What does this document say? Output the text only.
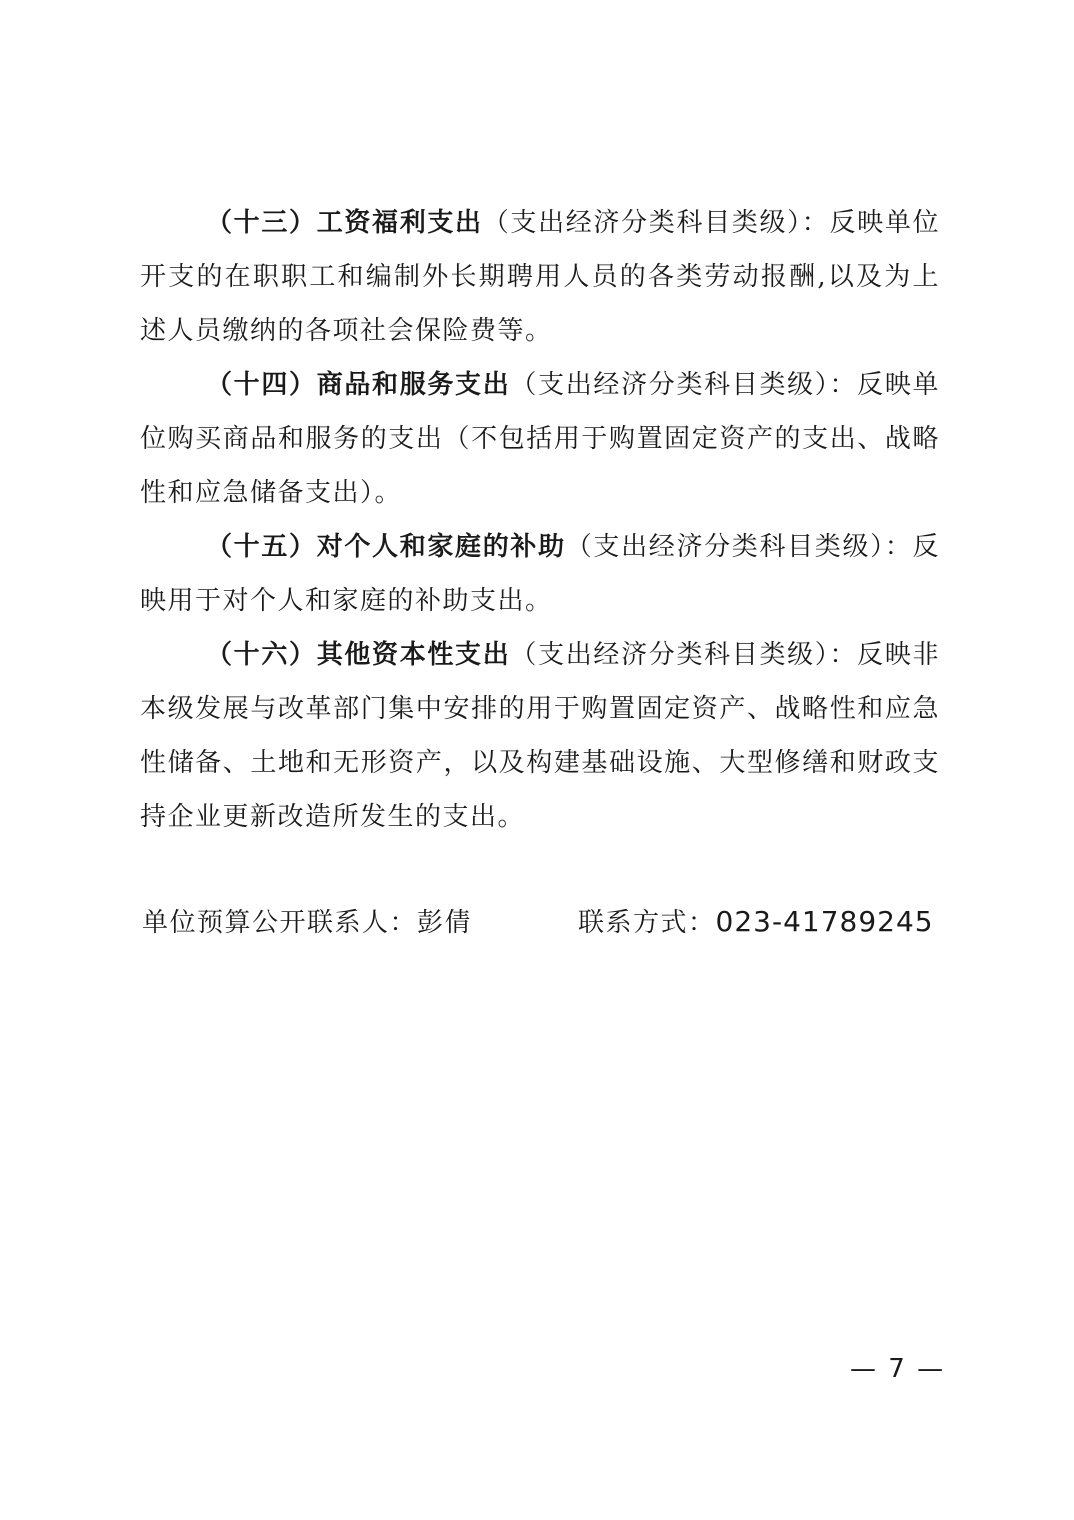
（十三）工资福利支出（支出经济分类科目类级）：反映单位开支的在职职工和编制外长期聘用人员的各类劳动报酬,以及为上述人员缴纳的各项社会保险费等。

（十四）商品和服务支出（支出经济分类科目类级）：反映单位购买商品和服务的支出（不包括用于购置固定资产的支出、战略性和应急储备支出）。

（十五）对个人和家庭的补助（支出经济分类科目类级）：反映用于对个人和家庭的补助支出。

（十六）其他资本性支出（支出经济分类科目类级）：反映非本级发展与改革部门集中安排的用于购置固定资产、战略性和应急性储备、土地和无形资产，以及构建基础设施、大型修缮和财政支持企业更新改造所发生的支出。

单位预算公开联系人：彭倩	联系方式：023-41789245
— 7 —
